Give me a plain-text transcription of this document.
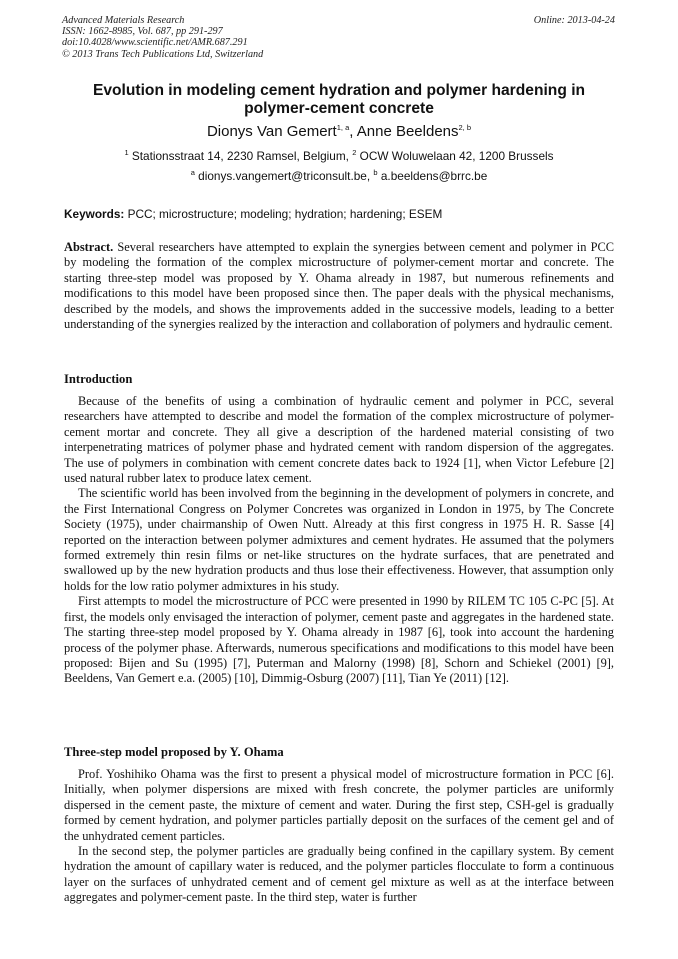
Advanced Materials Research
ISSN: 1662-8985, Vol. 687, pp 291-297
doi:10.4028/www.scientific.net/AMR.687.291
© 2013 Trans Tech Publications Ltd, Switzerland
Online: 2013-04-24
Evolution in modeling cement hydration and polymer hardening in
polymer-cement concrete
Dionys Van Gemert$^{1, a}$, Anne Beeldens$^{2, b}$
$^1$ Stationsstraat 14, 2230 Ramsel, Belgium, $^2$ OCW Woluwelaan 42, 1200 Brussels
$^a$ dionys.vangemert@triconsult.be, $^b$ a.beeldens@brrc.be
Keywords: PCC; microstructure; modeling; hydration; hardening; ESEM

Abstract. Several researchers have attempted to explain the synergies between cement and polymer in PCC by modeling the formation of the complex microstructure of polymer-cement mortar and concrete. The starting three-step model was proposed by Y. Ohama already in 1987, but numerous refinements and modifications to this model have been proposed since then. The paper deals with the physical mechanisms, described by the models, and shows the improvements added in the successive models, leading to a better understanding of the synergies realized by the interaction and collaboration of polymers and hydraulic cement.

Introduction

Because of the benefits of using a combination of hydraulic cement and polymer in PCC, several researchers have attempted to describe and model the formation of the complex microstructure of polymer-cement mortar and concrete. They all give a description of the hardened material consisting of two interpenetrating matrices of polymer phase and hydrated cement with random dispersion of the aggregates. The use of polymers in combination with cement concrete dates back to 1924 [1], when Victor Lefebure [2] used natural rubber latex to produce latex cement.

The scientific world has been involved from the beginning in the development of polymers in concrete, and the First International Congress on Polymer Concretes was organized in London in 1975, by The Concrete Society (1975), under chairmanship of Owen Nutt. Already at this first congress in 1975 H. R. Sasse [4] reported on the interaction between polymer admixtures and cement hydrates. He assumed that the polymers formed extremely thin resin films or net-like structures on the hydrate surfaces, that are penetrated and swallowed up by the new hydration products and thus lose their effectiveness. However, that assumption only holds for the low ratio polymer admixtures in his study.

First attempts to model the microstructure of PCC were presented in 1990 by RILEM TC 105 C-PC [5]. At first, the models only envisaged the interaction of polymer, cement paste and aggregates in the hardened state. The starting three-step model proposed by Y. Ohama already in 1987 [6], took into account the hardening process of the polymer phase. Afterwards, numerous specifications and modifications to this model have been proposed: Bijen and Su (1995) [7], Puterman and Malorny (1998) [8], Schorn and Schiekel (2001) [9], Beeldens, Van Gemert e.a. (2005) [10], Dimmig-Osburg (2007) [11], Tian Ye (2011) [12].

Three-step model proposed by Y. Ohama

Prof. Yoshihiko Ohama was the first to present a physical model of microstructure formation in PCC [6]. Initially, when polymer dispersions are mixed with fresh concrete, the polymer particles are uniformly dispersed in the cement paste, the mixture of cement and water. During the first step, CSH-gel is gradually formed by cement hydration, and polymer particles partially deposit on the surfaces of the cement gel and of the unhydrated cement particles.

In the second step, the polymer particles are gradually being confined in the capillary system. By cement hydration the amount of capillary water is reduced, and the polymer particles flocculate to form a continuous layer on the surfaces of unhydrated cement and of cement gel mixture as well as at the interface between aggregates and polymer-cement paste. In the third step, water is further
